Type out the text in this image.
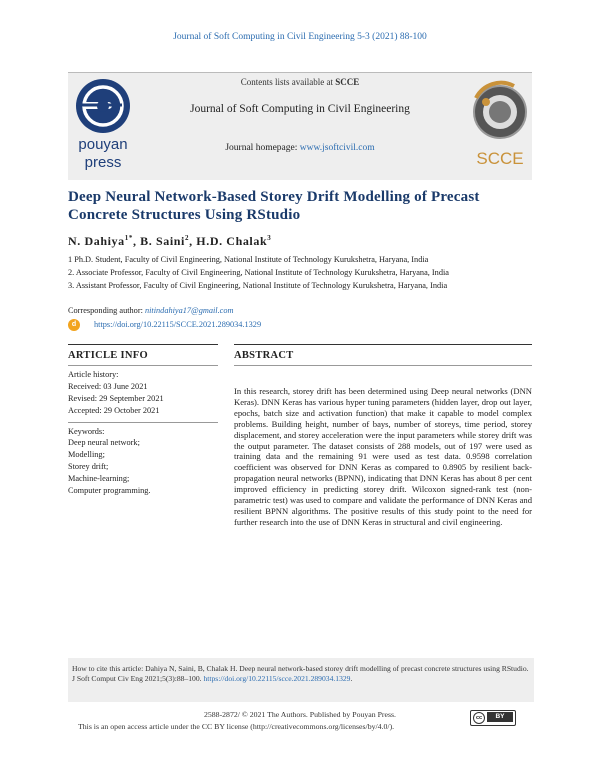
Journal of Soft Computing in Civil Engineering 5-3 (2021) 88-100
Contents lists available at SCCE
Journal of Soft Computing in Civil Engineering
Journal homepage: www.jsoftcivil.com
pouyan
press	SCCE
Deep Neural Network-Based Storey Drift Modelling of Precast
Concrete Structures Using RStudio
N. Dahiya$^{1*}$, B. Saini$^2$, H.D. Chalak$^3$
1 Ph.D. Student, Faculty of Civil Engineering, National Institute of Technology Kurukshetra, Haryana, India
2. Associate Professor, Faculty of Civil Engineering, National Institute of Technology Kurukshetra, Haryana, India
3. Assistant Professor, Faculty of Civil Engineering, National Institute of Technology Kurukshetra, Haryana, India
Corresponding author: nitindahiya17@gmail.com
d	https://doi.org/10.22115/SCCE.2021.289034.1329
ARTICLE INFO	ABSTRACT
Article history:
Received: 03 June 2021
Revised: 29 September 2021
Accepted: 29 October 2021
Keywords:
Deep neural network;
Modelling;
Storey drift;
Machine-learning;
Computer programming.
In this research, storey drift has been determined using Deep neural networks (DNN Keras). DNN Keras has various hyper tuning parameters (hidden layer, drop out layer, epochs, batch size and activation function) that make it capable to model complex problems. Building height, number of bays, number of storeys, time period, storey displacement, and storey acceleration were the input parameters while storey drift was the output parameter. The dataset consists of 288 models, out of 197 were used as training data and the remaining 91 were used as test data. 0.9598 correlation coefficient was observed for DNN Keras as compared to 0.8905 by resilient back-propagation neural networks (BPNN), indicating that DNN Keras has about 8 per cent improved efficiency in predicting storey drift. Wilcoxon signed-rank test (non-parametric test) was used to compare and validate the performance of DNN Keras and resilient BPNN algorithms. The positive results of this study point to the need for further research into the use of DNN Keras in structural and civil engineering.
How to cite this article: Dahiya N, Saini, B, Chalak H. Deep neural network-based storey drift modelling of precast concrete structures using RStudio. J Soft Comput Civ Eng 2021;5(3):88–100. https://doi.org/10.22115/scce.2021.289034.1329.
2588-2872/ © 2021 The Authors. Published by Pouyan Press.
This is an open access article under the CC BY license (http://creativecommons.org/licenses/by/4.0/).
cc	BY
